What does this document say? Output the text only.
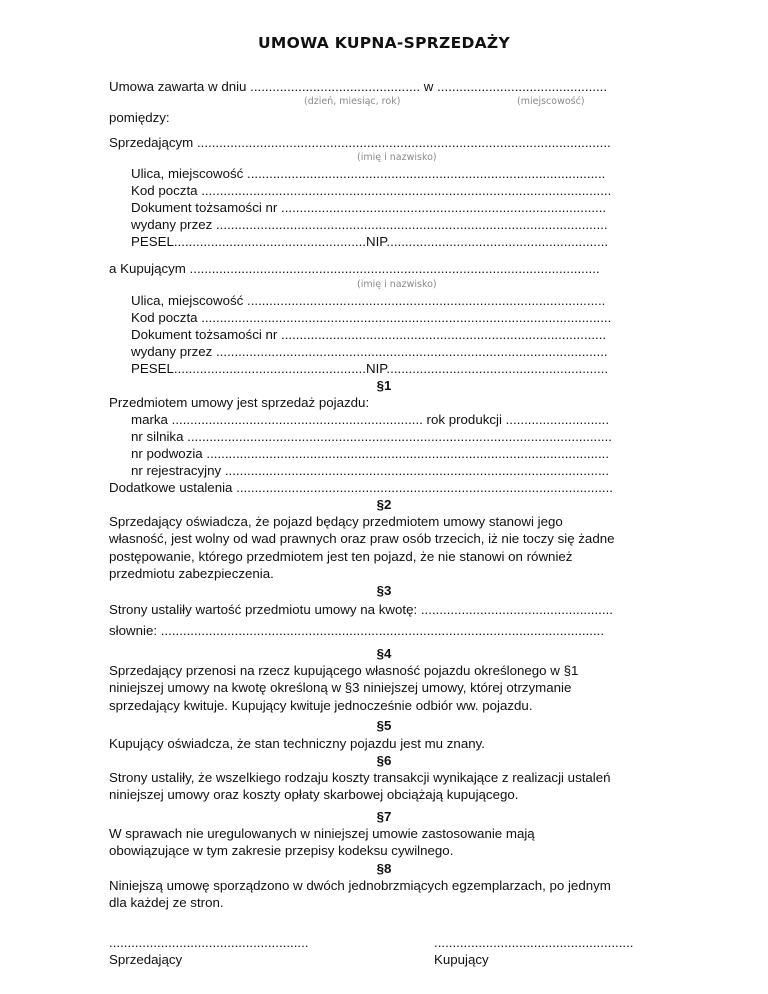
UMOWA KUPNA-SPRZEDAŻY
Umowa zawarta w dniu .............................................. w ..............................................
(dzień, miesiąc, rok)	(miejscowość)
pomiędzy:
Sprzedającym ................................................................................................................
(imię i nazwisko)
Ulica, miejscowość .................................................................................................
Kod poczta ...............................................................................................................
Dokument tożsamości nr ........................................................................................
wydany przez ..........................................................................................................
PESEL....................................................NIP............................................................
a Kupującym ...............................................................................................................
(imię i nazwisko)
Ulica, miejscowość .................................................................................................
Kod poczta ...............................................................................................................
Dokument tożsamości nr ........................................................................................
wydany przez ..........................................................................................................
PESEL....................................................NIP............................................................
§1
Przedmiotem umowy jest sprzedaż pojazdu:
marka .................................................................... rok produkcji ............................
nr silnika ...................................................................................................................
nr podwozia .............................................................................................................
nr rejestracyjny ........................................................................................................
Dodatkowe ustalenia ......................................................................................................
§2
Sprzedający oświadcza, że pojazd będący przedmiotem umowy stanowi jego
własność, jest wolny od wad prawnych oraz praw osób trzecich, iż nie toczy się żadne
postępowanie, którego przedmiotem jest ten pojazd, że nie stanowi on również
przedmiotu zabezpieczenia.
§3
Strony ustaliły wartość przedmiotu umowy na kwotę: ....................................................
słownie: ........................................................................................................................
§4
Sprzedający przenosi na rzecz kupującego własność pojazdu określonego w §1
niniejszej umowy na kwotę określoną w §3 niniejszej umowy, której otrzymanie
sprzedający kwituje. Kupujący kwituje jednocześnie odbiór ww. pojazdu.
§5
Kupujący oświadcza, że stan techniczny pojazdu jest mu znany.
§6
Strony ustaliły, że wszelkiego rodzaju koszty transakcji wynikające z realizacji ustaleń
niniejszej umowy oraz koszty opłaty skarbowej obciążają kupującego.
§7
W sprawach nie uregulowanych w niniejszej umowie zastosowanie mają
obowiązujące w tym zakresie przepisy kodeksu cywilnego.
§8
Niniejszą umowę sporządzono w dwóch jednobrzmiących egzemplarzach, po jednym
dla każdej ze stron.
......................................................
Sprzedający
......................................................
Kupujący
